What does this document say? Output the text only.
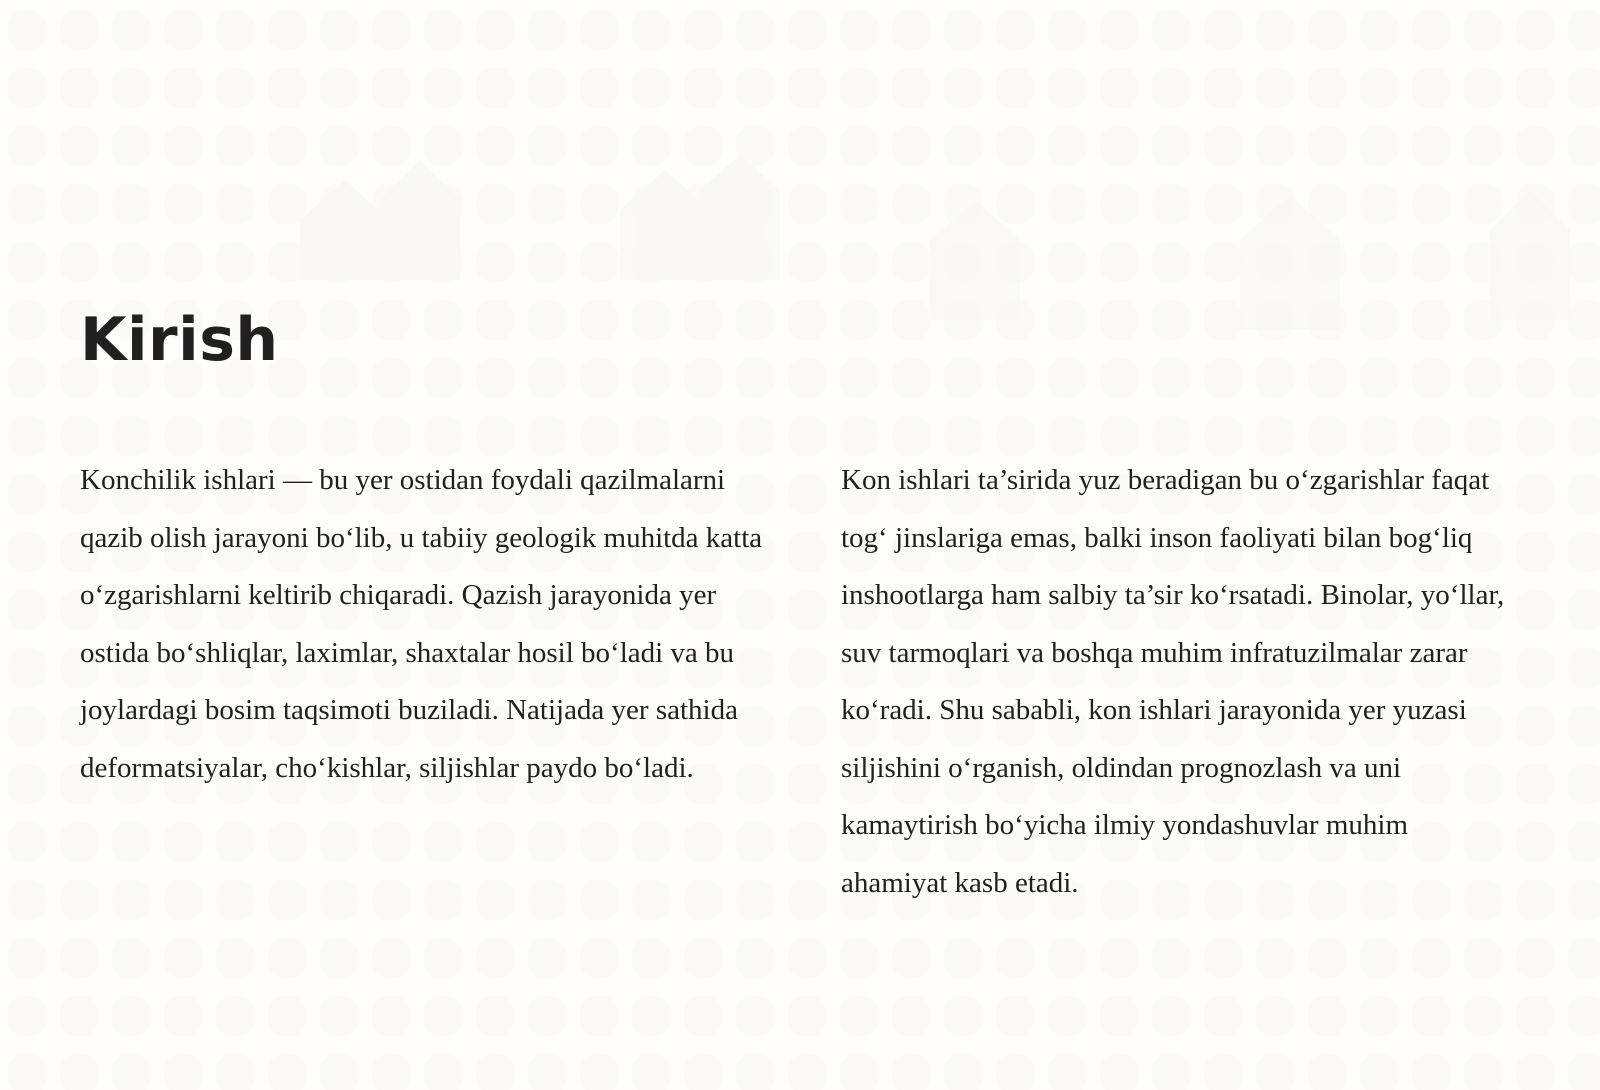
Kirish

Konchilik ishlari — bu yer ostidan foydali qazilmalarni qazib olish jarayoni bo‘lib, u tabiiy geologik muhitda katta o‘zgarishlarni keltirib chiqaradi. Qazish jarayonida yer ostida bo‘shliqlar, laximlar, shaxtalar hosil bo‘ladi va bu joylardagi bosim taqsimoti buziladi. Natijada yer sathida deformatsiyalar, cho‘kishlar, siljishlar paydo bo‘ladi.

Kon ishlari ta’sirida yuz beradigan bu o‘zgarishlar faqat tog‘ jinslariga emas, balki inson faoliyati bilan bog‘liq inshootlarga ham salbiy ta’sir ko‘rsatadi. Binolar, yo‘llar, suv tarmoqlari va boshqa muhim infratuzilmalar zarar ko‘radi. Shu sababli, kon ishlari jarayonida yer yuzasi siljishini o‘rganish, oldindan prognozlash va uni kamaytirish bo‘yicha ilmiy yondashuvlar muhim ahamiyat kasb etadi.
